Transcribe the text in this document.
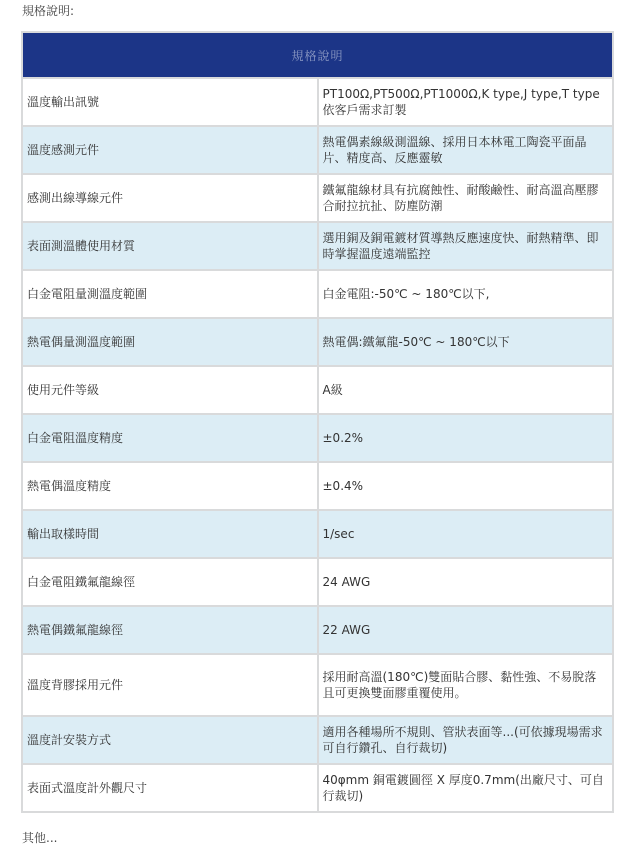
規格說明:
規格說明	
溫度輸出訊號	PT100Ω,PT500Ω,PT1000Ω,K type,J type,T type依客戶需求訂製
溫度感測元件	熱電偶素線級測溫線、採用日本林電工陶瓷平面晶片、精度高、反應靈敏
感測出線導線元件	鐵氟龍線材具有抗腐蝕性、耐酸鹼性、耐高溫高壓膠合耐拉抗扯、防塵防潮
表面測溫體使用材質	選用銅及銅電鍍材質導熱反應速度快、耐熱精準、即時掌握溫度遠端監控
白金電阻量測溫度範圍	白金電阻:-50℃ ~ 180℃以下,
熱電偶量測溫度範圍	熱電偶:鐵氟龍-50℃ ~ 180℃以下
使用元件等級	A級
白金電阻溫度精度	±0.2%
熱電偶溫度精度	±0.4%
輸出取樣時間	1/sec
白金電阻鐵氟龍線徑	24 AWG
熱電偶鐵氟龍線徑	22 AWG
溫度背膠採用元件	採用耐高溫(180℃)雙面貼合膠、黏性強、不易脫落且可更換雙面膠重覆使用。
溫度計安裝方式	適用各種場所不規則、管狀表面等...(可依據現場需求可自行鑽孔、自行裁切)
表面式溫度計外觀尺寸	40φmm 銅電鍍圓徑 X 厚度0.7mm(出廠尺寸、可自行裁切)
其他...
